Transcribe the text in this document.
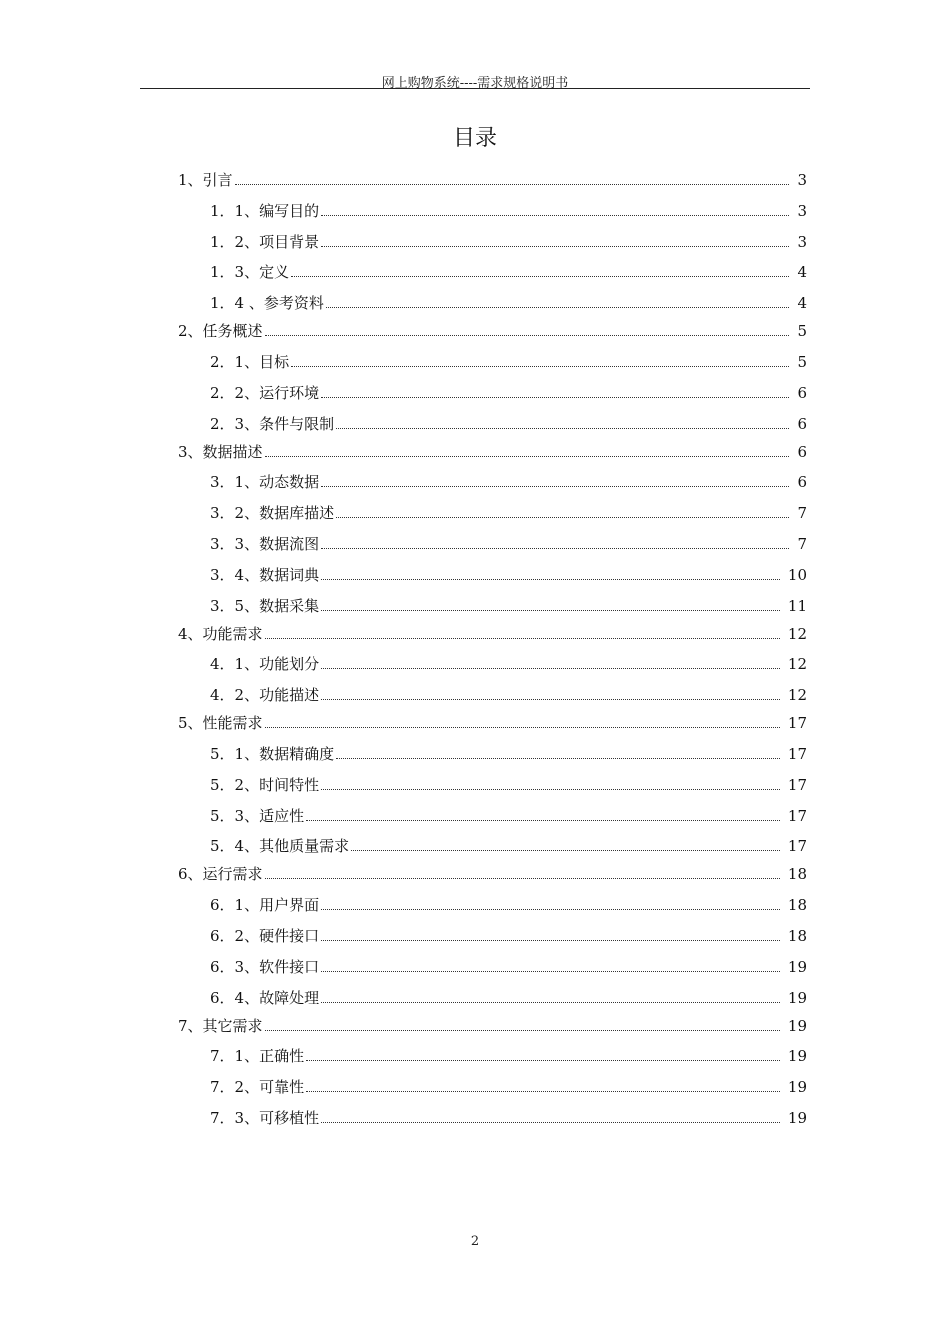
网上购物系统----需求规格说明书
目录
1、引言	3
1．1、编写目的	3
1．2、项目背景	3
1．3、定义	4
1．4 、参考资料	4
2、任务概述	5
2．1、目标	5
2．2、运行环境	6
2．3、条件与限制	6
3、数据描述	6
3．1、动态数据	6
3．2、数据库描述	7
3．3、数据流图	7
3．4、数据词典	10
3．5、数据采集	11
4、功能需求	12
4．1、功能划分	12
4．2、功能描述	12
5、性能需求	17
5．1、数据精确度	17
5．2、时间特性	17
5．3、适应性	17
5．4、其他质量需求	17
6、运行需求	18
6．1、用户界面	18
6．2、硬件接口	18
6．3、软件接口	19
6．4、故障处理	19
7、其它需求	19
7．1、正确性	19
7．2、可靠性	19
7．3、可移植性	19
2
